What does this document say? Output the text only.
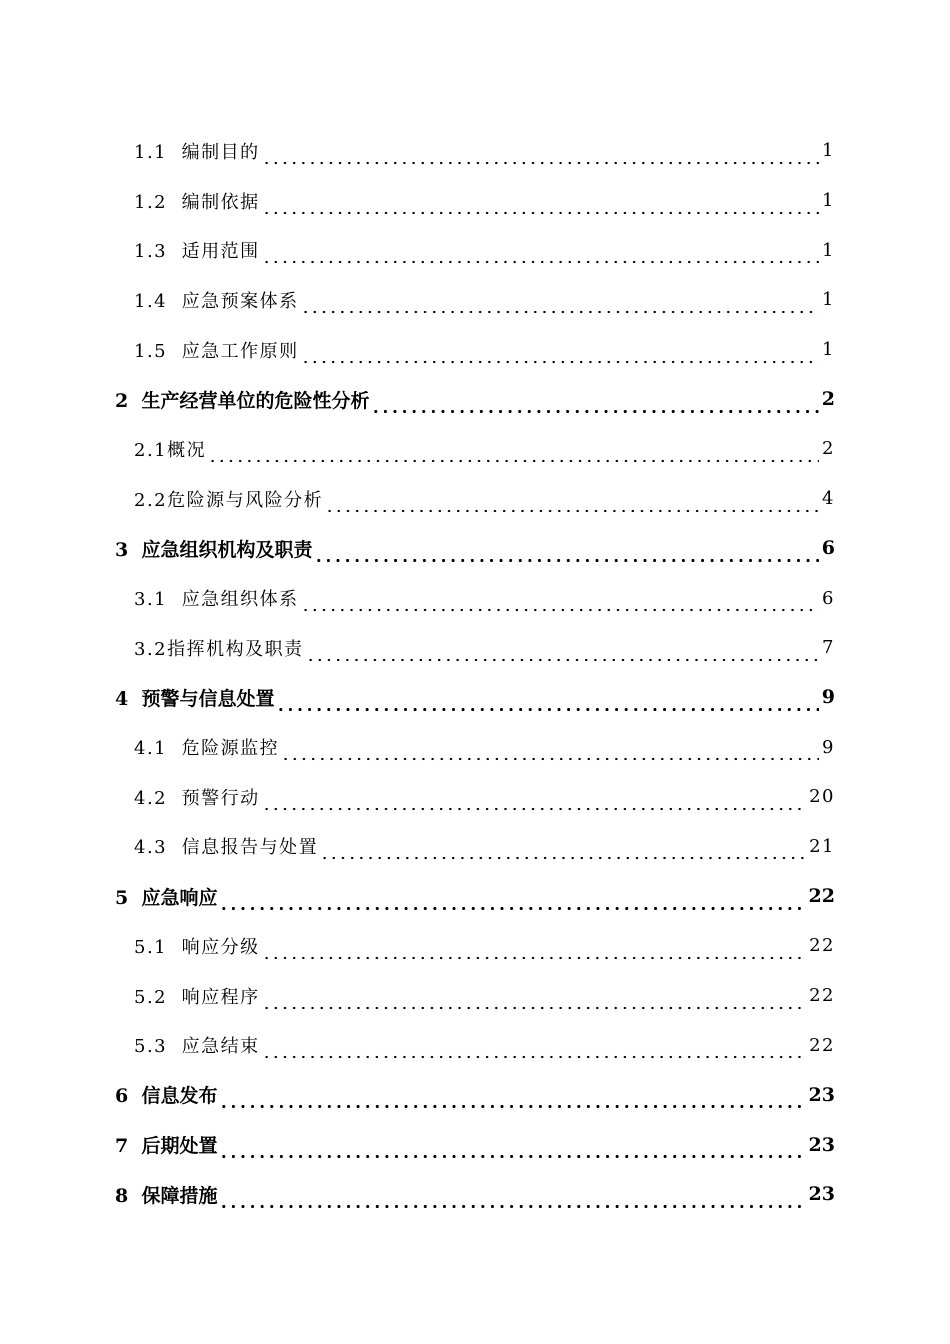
1.1  编制目的	1
1.2  编制依据	1
1.3  适用范围	1
1.4  应急预案体系	1
1.5  应急工作原则	1
2  生产经营单位的危险性分析	2
2.1概况	2
2.2危险源与风险分析	4
3  应急组织机构及职责	6
3.1  应急组织体系	6
3.2指挥机构及职责	7
4  预警与信息处置	9
4.1  危险源监控	9
4.2  预警行动	20
4.3  信息报告与处置	21
5  应急响应	22
5.1  响应分级	22
5.2  响应程序	22
5.3  应急结束	22
6  信息发布	23
7  后期处置	23
8  保障措施	23
